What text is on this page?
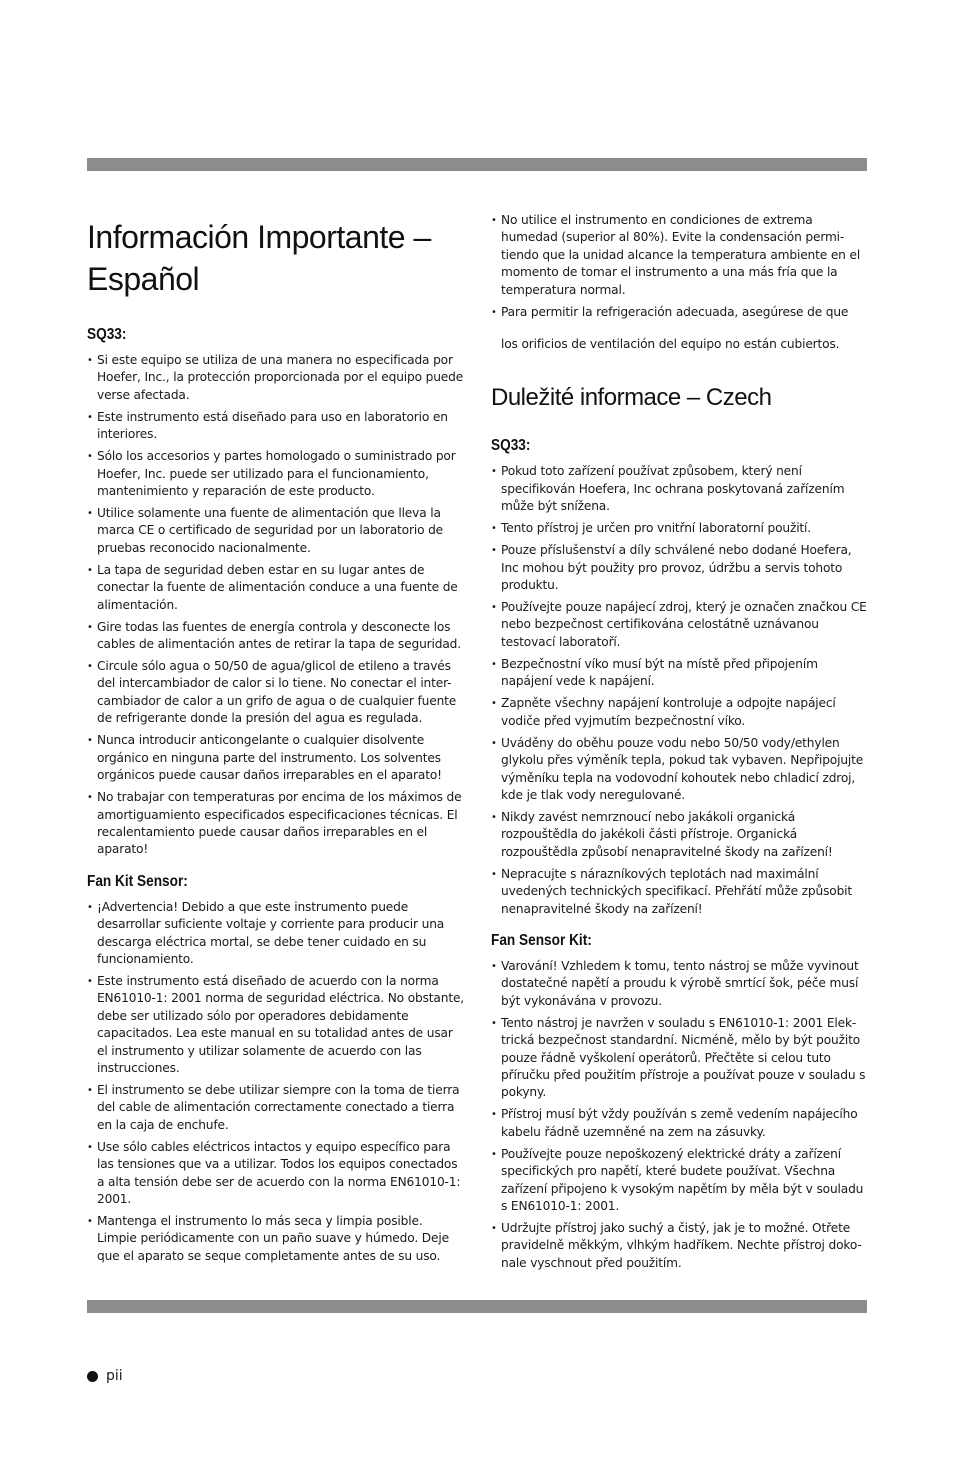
Información Importante –
Español
SQ33:
• Si este equipo se utiliza de una manera no especificada por Hoefer, Inc., la protección proporcionada por el equipo puede verse afectada.
• Este instrumento está diseñado para uso en laboratorio en interiores.
• Sólo los accesorios y partes homologado o suministrado por Hoefer, Inc. puede ser utilizado para el funcionamiento, mantenimiento y reparación de este producto.
• Utilice solamente una fuente de alimentación que lleva la marca CE o certificado de seguridad por un laboratorio de pruebas reconocido nacionalmente.
• La tapa de seguridad deben estar en su lugar antes de conectar la fuente de alimentación conduce a una fuente de alimentación.
• Gire todas las fuentes de energía controla y desconecte los cables de alimentación antes de retirar la tapa de seguridad.
• Circule sólo agua o 50/50 de agua/glicol de etileno a través del intercambiador de calor si lo tiene. No conectar el inter-cambiador de calor a un grifo de agua o de cualquier fuente de refrigerante donde la presión del agua es regulada.
• Nunca introducir anticongelante o cualquier disolvente orgánico en ninguna parte del instrumento. Los solventes orgánicos puede causar daños irreparables en el aparato!
• No trabajar con temperaturas por encima de los máximos de amortiguamiento especificados especificaciones técnicas. El recalentamiento puede causar daños irreparables en el aparato!
Fan Kit Sensor:
• ¡Advertencia! Debido a que este instrumento puede desarrollar suficiente voltaje y corriente para producir una descarga eléctrica mortal, se debe tener cuidado en su funcionamiento.
• Este instrumento está diseñado de acuerdo con la norma EN61010-1: 2001 norma de seguridad eléctrica. No obstante, debe ser utilizado sólo por operadores debidamente capacitados. Lea este manual en su totalidad antes de usar el instrumento y utilizar solamente de acuerdo con las instrucciones.
• El instrumento se debe utilizar siempre con la toma de tierra del cable de alimentación correctamente conectado a tierra en la caja de enchufe.
• Use sólo cables eléctricos intactos y equipo específico para las tensiones que va a utilizar. Todos los equipos conectados a alta tensión debe ser de acuerdo con la norma EN61010-1: 2001.
• Mantenga el instrumento lo más seca y limpia posible. Limpie periódicamente con un paño suave y húmedo. Deje que el aparato se seque completamente antes de su uso.
• No utilice el instrumento en condiciones de extrema humedad (superior al 80%). Evite la condensación permi-tiendo que la unidad alcance la temperatura ambiente en el momento de tomar el instrumento a una más fría que la temperatura normal.
• Para permitir la refrigeración adecuada, asegúrese de que

los orificios de ventilación del equipo no están cubiertos.

Duležité informace – Czech
SQ33:
• Pokud toto zařízení používat způsobem, který není specifikován Hoefera, Inc ochrana poskytovaná zařízením může být snížena.
• Tento přístroj je určen pro vnitřní laboratorní použití.
• Pouze příslušenství a díly schválené nebo dodané Hoefera, Inc mohou být použity pro provoz, údržbu a servis tohoto produktu.
• Používejte pouze napájecí zdroj, který je označen značkou CE nebo bezpečnost certifikována celostátně uznávanou testovací laboratoří.
• Bezpečnostní víko musí být na místě před připojením napájení vede k napájení.
• Zapněte všechny napájení kontroluje a odpojte napájecí vodiče před vyjmutím bezpečnostní víko.
• Uváděny do oběhu pouze vodu nebo 50/50 vody/ethylen glykolu přes výměník tepla, pokud tak vybaven. Nepřipojujte výměníku tepla na vodovodní kohoutek nebo chladicí zdroj, kde je tlak vody neregulované.
• Nikdy zavést nemrznoucí nebo jakákoli organická rozpouštědla do jakékoli části přístroje. Organická rozpouštědla způsobí nenapravitelné škody na zařízení!
• Nepracujte s nárazníkových teplotách nad maximální uvedených technických specifikací. Přehřátí může způsobit nenapravitelné škody na zařízení!
Fan Sensor Kit:
• Varování! Vzhledem k tomu, tento nástroj se může vyvinout dostatečné napětí a proudu k výrobě smrtící šok, péče musí být vykonávána v provozu.
• Tento nástroj je navržen v souladu s EN61010-1: 2001 Elek-trická bezpečnost standardní. Nicméně, mělo by být použito pouze řádně vyškolení operátorů. Přečtěte si celou tuto příručku před použitím přístroje a používat pouze v souladu s pokyny.
• Přístroj musí být vždy používán s země vedením napájecího kabelu řádně uzemněné na zem na zásuvky.
• Používejte pouze nepoškozený elektrické dráty a zařízení specifických pro napětí, které budete používat. Všechna zařízení připojeno k vysokým napětím by měla být v souladu s EN61010-1: 2001.
• Udržujte přístroj jako suchý a čistý, jak je to možné. Otřete pravidelně měkkým, vlhkým hadříkem. Nechte přístroj doko-nale vyschnout před použitím.
pii
